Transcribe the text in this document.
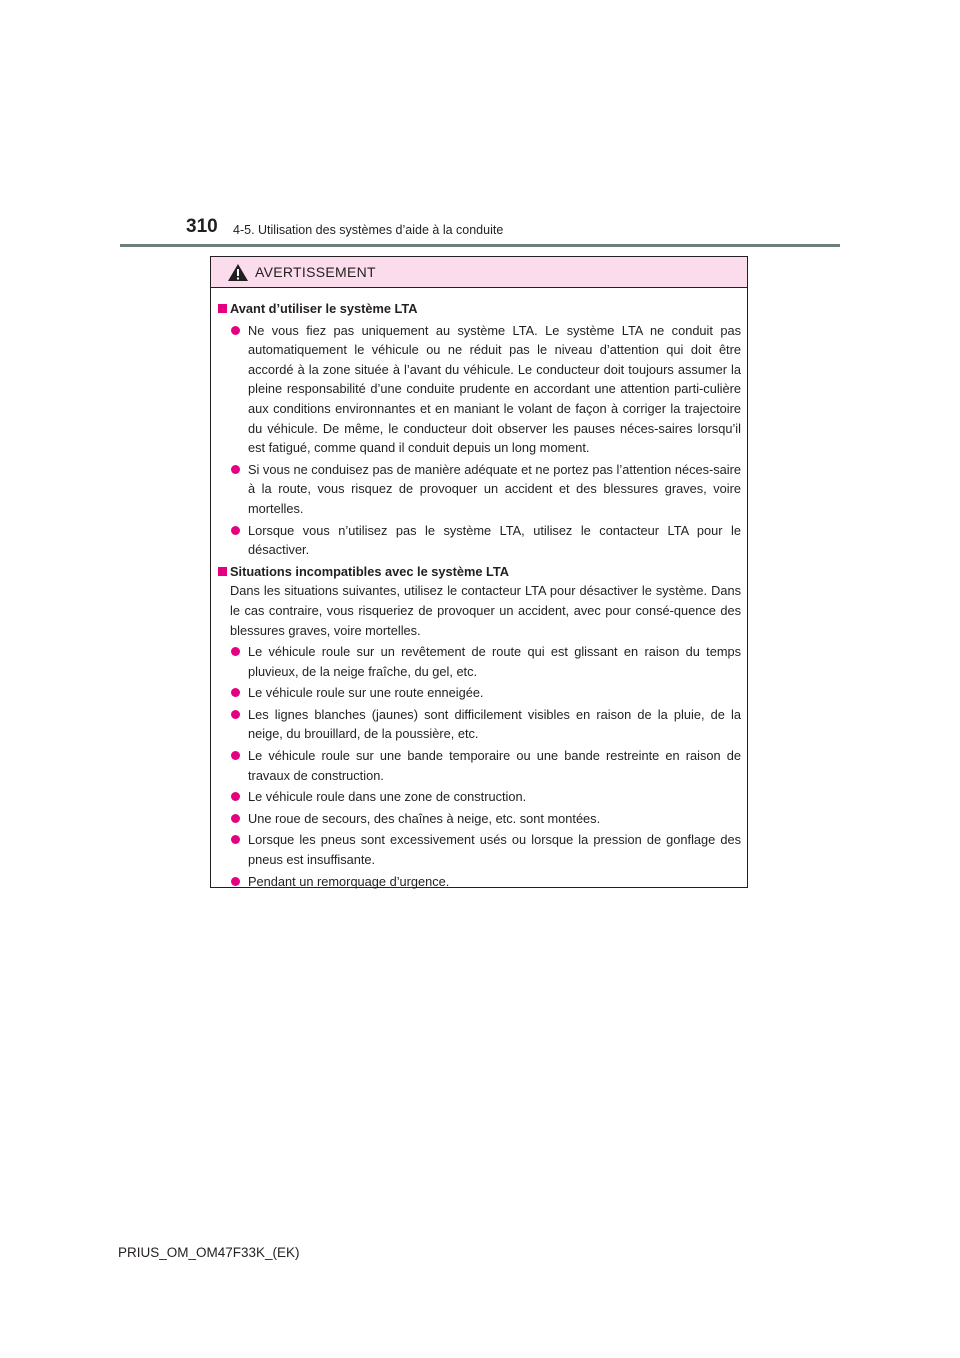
310 4-5. Utilisation des systèmes d’aide à la conduite
AVERTISSEMENT
Avant d’utiliser le système LTA
Ne vous fiez pas uniquement au système LTA. Le système LTA ne conduit pas automatiquement le véhicule ou ne réduit pas le niveau d’attention qui doit être accordé à la zone située à l’avant du véhicule. Le conducteur doit toujours assumer la pleine responsabilité d’une conduite prudente en accordant une attention parti-culière aux conditions environnantes et en maniant le volant de façon à corriger la trajectoire du véhicule. De même, le conducteur doit observer les pauses néces-saires lorsqu’il est fatigué, comme quand il conduit depuis un long moment.
Si vous ne conduisez pas de manière adéquate et ne portez pas l’attention néces-saire à la route, vous risquez de provoquer un accident et des blessures graves, voire mortelles.
Lorsque vous n’utilisez pas le système LTA, utilisez le contacteur LTA pour le désactiver.
Situations incompatibles avec le système LTA
Dans les situations suivantes, utilisez le contacteur LTA pour désactiver le système. Dans le cas contraire, vous risqueriez de provoquer un accident, avec pour consé-quence des blessures graves, voire mortelles.
Le véhicule roule sur un revêtement de route qui est glissant en raison du temps pluvieux, de la neige fraîche, du gel, etc.
Le véhicule roule sur une route enneigée.
Les lignes blanches (jaunes) sont difficilement visibles en raison de la pluie, de la neige, du brouillard, de la poussière, etc.
Le véhicule roule sur une bande temporaire ou une bande restreinte en raison de travaux de construction.
Le véhicule roule dans une zone de construction.
Une roue de secours, des chaînes à neige, etc. sont montées.
Lorsque les pneus sont excessivement usés ou lorsque la pression de gonflage des pneus est insuffisante.
Pendant un remorquage d’urgence.
PRIUS_OM_OM47F33K_(EK)
